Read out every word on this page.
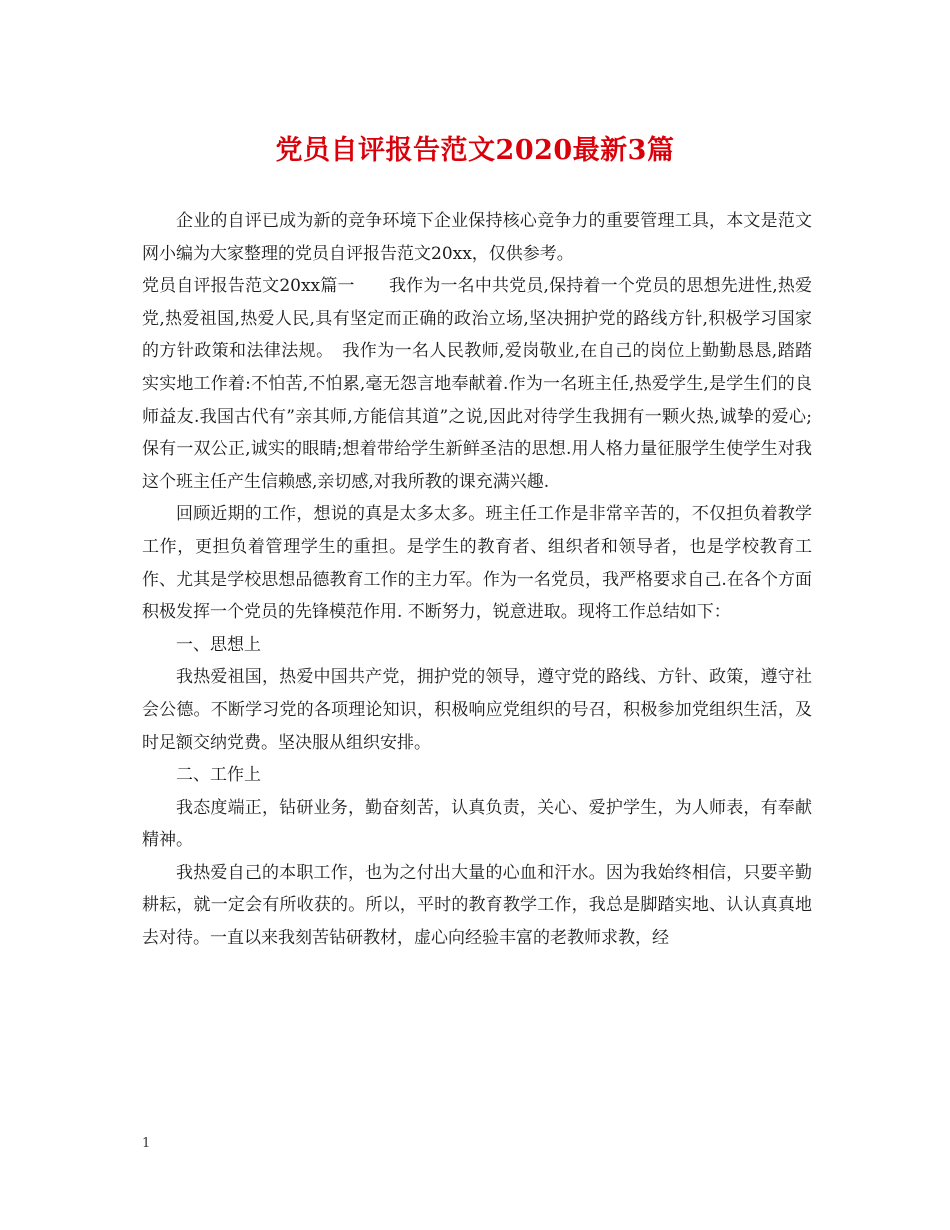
党员自评报告范文2020最新3篇

企业的自评已成为新的竞争环境下企业保持核心竞争力的重要管理工具，本文是范文网小编为大家整理的党员自评报告范文20xx，仅供参考。

党员自评报告范文20xx篇一　　我作为一名中共党员,保持着一个党员的思想先进性,热爱党,热爱祖国,热爱人民,具有坚定而正确的政治立场,坚决拥护党的路线方针,积极学习国家的方针政策和法律法规。　我作为一名人民教师,爱岗敬业,在自己的岗位上勤勤恳恳,踏踏实实地工作着:不怕苦,不怕累,毫无怨言地奉献着.作为一名班主任,热爱学生,是学生们的良师益友.我国古代有”亲其师,方能信其道”之说,因此对待学生我拥有一颗火热,诚挚的爱心;保有一双公正,诚实的眼睛;想着带给学生新鲜圣洁的思想.用人格力量征服学生使学生对我这个班主任产生信赖感,亲切感,对我所教的课充满兴趣.

回顾近期的工作，想说的真是太多太多。班主任工作是非常辛苦的，不仅担负着教学工作，更担负着管理学生的重担。是学生的教育者、组织者和领导者，也是学校教育工作、尤其是学校思想品德教育工作的主力军。作为一名党员，我严格要求自己.在各个方面积极发挥一个党员的先锋模范作用. 不断努力，锐意进取。现将工作总结如下：

一、思想上

我热爱祖国，热爱中国共产党，拥护党的领导，遵守党的路线、方针、政策，遵守社会公德。不断学习党的各项理论知识，积极响应党组织的号召，积极参加党组织生活，及时足额交纳党费。坚决服从组织安排。

二、工作上

我态度端正，钻研业务，勤奋刻苦，认真负责，关心、爱护学生，为人师表，有奉献精神。

我热爱自己的本职工作，也为之付出大量的心血和汗水。因为我始终相信，只要辛勤耕耘，就一定会有所收获的。所以，平时的教育教学工作，我总是脚踏实地、认认真真地去对待。一直以来我刻苦钻研教材，虚心向经验丰富的老教师求教，经

1
